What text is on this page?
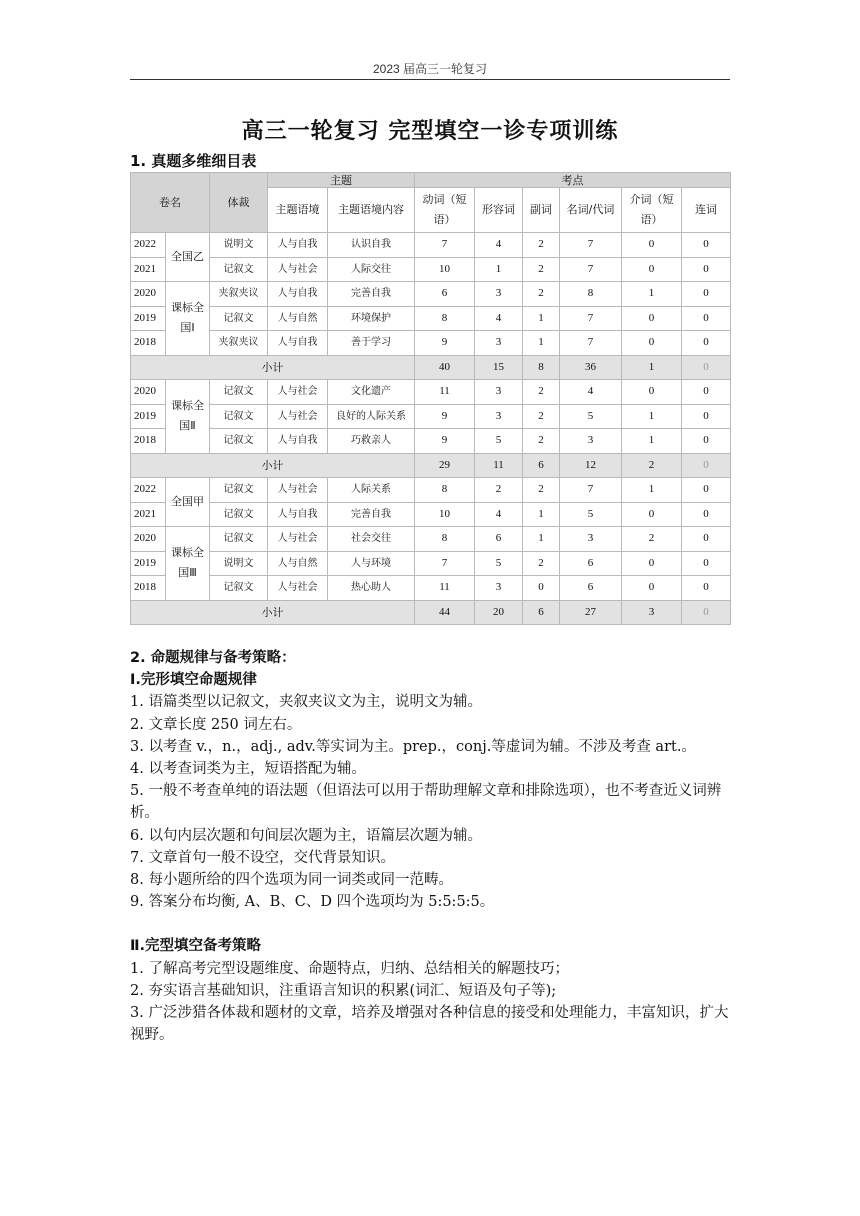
2023 届高三一轮复习
高三一轮复习 完型填空一诊专项训练
1. 真题多维细目表
卷名		体裁	主题		考点					
			主题语境	主题语境内容	动词（短语）	形容词	副词	名词/代词	介词（短语）	连词
2022	全国乙	说明文	人与自我	认识自我	7	4	2	7	0	0
2021		记叙文	人与社会	人际交往	10	1	2	7	0	0
2020	课标全国Ⅰ	夹叙夹议	人与自我	完善自我	6	3	2	8	1	0
2019		记叙文	人与自然	环境保护	8	4	1	7	0	0
2018		夹叙夹议	人与自我	善于学习	9	3	1	7	0	0
小计					40	15	8	36	1	0
2020	课标全国Ⅱ	记叙文	人与社会	文化遗产	11	3	2	4	0	0
2019		记叙文	人与社会	良好的人际关系	9	3	2	5	1	0
2018		记叙文	人与自我	巧救亲人	9	5	2	3	1	0
小计					29	11	6	12	2	0
2022	全国甲	记叙文	人与社会	人际关系	8	2	2	7	1	0
2021		记叙文	人与自我	完善自我	10	4	1	5	0	0
2020	课标全国Ⅲ	记叙文	人与社会	社会交往	8	6	1	3	2	0
2019		说明文	人与自然	人与环境	7	5	2	6	0	0
2018		记叙文	人与社会	热心助人	11	3	0	6	0	0
小计					44	20	6	27	3	0

2. 命题规律与备考策略：

Ⅰ.完形填空命题规律

1. 语篇类型以记叙文，夹叙夹议文为主，说明文为辅。

2. 文章长度 250 词左右。

3. 以考查 v.，n.，adj., adv.等实词为主。prep.，conj.等虚词为辅。不涉及考查 art.。

4. 以考查词类为主，短语搭配为辅。

5. 一般不考查单纯的语法题（但语法可以用于帮助理解文章和排除选项），也不考查近义词辨析。

6. 以句内层次题和句间层次题为主，语篇层次题为辅。

7. 文章首句一般不设空，交代背景知识。

8. 每小题所给的四个选项为同一词类或同一范畴。

9. 答案分布均衡, A、B、C、D 四个选项均为 5:5:5:5。

Ⅱ.完型填空备考策略

1. 了解高考完型设题维度、命题特点，归纳、总结相关的解题技巧；

2. 夯实语言基础知识，注重语言知识的积累(词汇、短语及句子等);

3. 广泛涉猎各体裁和题材的文章，培养及增强对各种信息的接受和处理能力，丰富知识，扩大视野。
